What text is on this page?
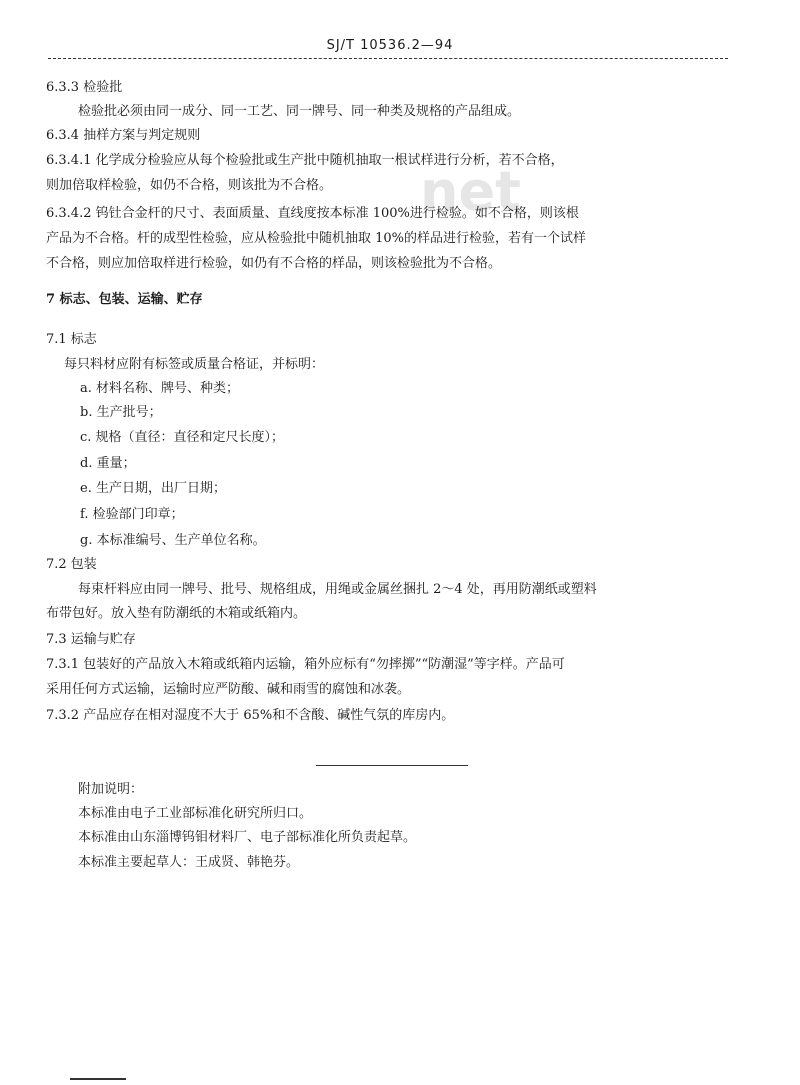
SJ/T 10536.2—94
net
6.3.3 检验批
检验批必须由同一成分、同一工艺、同一牌号、同一种类及规格的产品组成。
6.3.4 抽样方案与判定规则
6.3.4.1 化学成分检验应从每个检验批或生产批中随机抽取一根试样进行分析，若不合格，
则加倍取样检验，如仍不合格，则该批为不合格。
6.3.4.2 钨钍合金杆的尺寸、表面质量、直线度按本标准 100%进行检验。如不合格，则该根
产品为不合格。杆的成型性检验，应从检验批中随机抽取 10%的样品进行检验，若有一个试样
不合格，则应加倍取样进行检验，如仍有不合格的样品，则该检验批为不合格。
7 标志、包装、运输、贮存
7.1 标志
每只料材应附有标签或质量合格证，并标明：
a. 材料名称、牌号、种类；
b. 生产批号；
c. 规格（直径：直径和定尺长度）；
d. 重量；
e. 生产日期，出厂日期；
f. 检验部门印章；
g. 本标准编号、生产单位名称。
7.2 包装
每束杆料应由同一牌号、批号、规格组成，用绳或金属丝捆扎 2～4 处，再用防潮纸或塑料
布带包好。放入垫有防潮纸的木箱或纸箱内。
7.3 运输与贮存
7.3.1 包装好的产品放入木箱或纸箱内运输，箱外应标有“勿摔掷”“防潮湿”等字样。产品可
采用任何方式运输，运输时应严防酸、碱和雨雪的腐蚀和冰袭。
7.3.2 产品应存在相对湿度不大于 65%和不含酸、碱性气氛的库房内。
附加说明：
本标准由电子工业部标准化研究所归口。
本标准由山东淄博钨钼材料厂、电子部标准化所负责起草。
本标准主要起草人：王成贤、韩艳芬。
